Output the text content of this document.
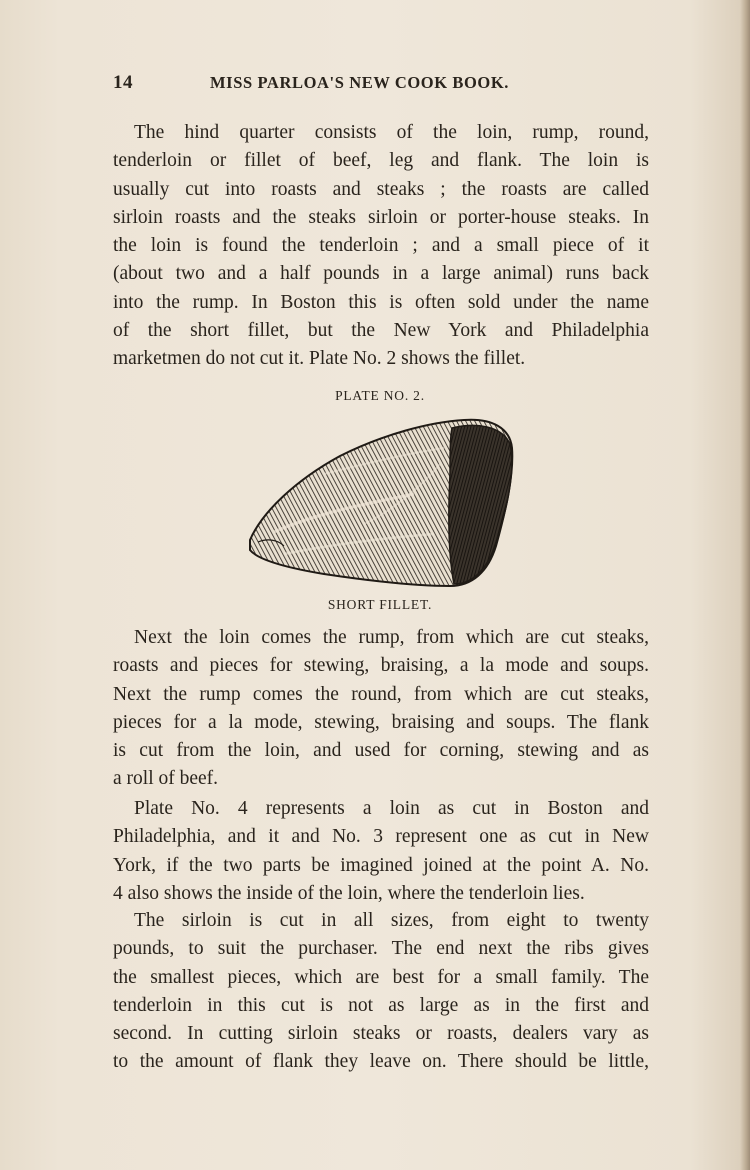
14	MISS PARLOA'S NEW COOK BOOK.
The hind quarter consists of the loin, rump, round,
tenderloin or fillet of beef, leg and flank. The loin is
usually cut into roasts and steaks ; the roasts are called
sirloin roasts and the steaks sirloin or porter-house steaks. In
the loin is found the tenderloin ; and a small piece of it
(about two and a half pounds in a large animal) runs back
into the rump. In Boston this is often sold under the name
of the short fillet, but the New York and Philadelphia
marketmen do not cut it. Plate No. 2 shows the fillet.
PLATE NO. 2.
SHORT FILLET.
Next the loin comes the rump, from which are cut steaks,
roasts and pieces for stewing, braising, a la mode and soups.
Next the rump comes the round, from which are cut steaks,
pieces for a la mode, stewing, braising and soups. The flank
is cut from the loin, and used for corning, stewing and as
a roll of beef.
Plate No. 4 represents a loin as cut in Boston and
Philadelphia, and it and No. 3 represent one as cut in New
York, if the two parts be imagined joined at the point A. No.
4 also shows the inside of the loin, where the tenderloin lies.
The sirloin is cut in all sizes, from eight to twenty
pounds, to suit the purchaser. The end next the ribs gives
the smallest pieces, which are best for a small family. The
tenderloin in this cut is not as large as in the first and
second. In cutting sirloin steaks or roasts, dealers vary as
to the amount of flank they leave on. There should be little,
